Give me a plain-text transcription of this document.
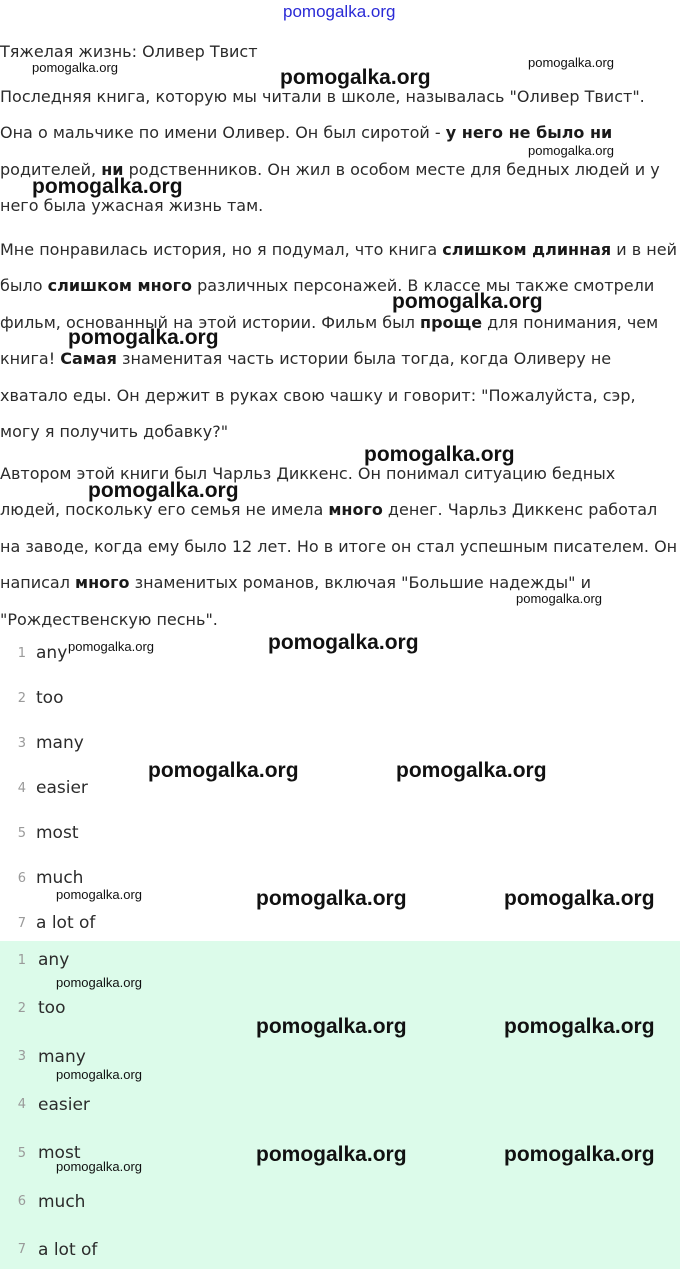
pomogalka.org
Тяжелая жизнь: Оливер Твист
Последняя книга, которую мы читали в школе, называлась "Оливер Твист". Она о мальчике по имени Оливер. Он был сиротой - у него не было ни родителей, ни родственников. Он жил в особом месте для бедных людей и у него была ужасная жизнь там.
Мне понравилась история, но я подумал, что книга слишком длинная и в ней было слишком много различных персонажей. В классе мы также смотрели фильм, основанный на этой истории. Фильм был проще для понимания, чем книга! Самая знаменитая часть истории была тогда, когда Оливеру не хватало еды. Он держит в руках свою чашку и говорит: "Пожалуйста, сэр, могу я получить добавку?"
Автором этой книги был Чарльз Диккенс. Он понимал ситуацию бедных людей, поскольку его семья не имела много денег. Чарльз Диккенс работал на заводе, когда ему было 12 лет. Но в итоге он стал успешным писателем. Он написал много знаменитых романов, включая "Большие надежды" и "Рождественскую песнь".
1 any
2 too
3 many
4 easier
5 most
6 much
7 a lot of
1 any
2 too
3 many
4 easier
5 most
6 much
7 a lot of
pomogalka.org	pomogalka.org
pomogalka.org
pomogalka.org
pomogalka.org
pomogalka.org
pomogalka.org
pomogalka.org
pomogalka.org
pomogalka.org
pomogalka.org	pomogalka.org
pomogalka.org	pomogalka.org
pomogalka.org	pomogalka.org	pomogalka.org
pomogalka.org
pomogalka.org	pomogalka.org
pomogalka.org
pomogalka.org	pomogalka.org
pomogalka.org
